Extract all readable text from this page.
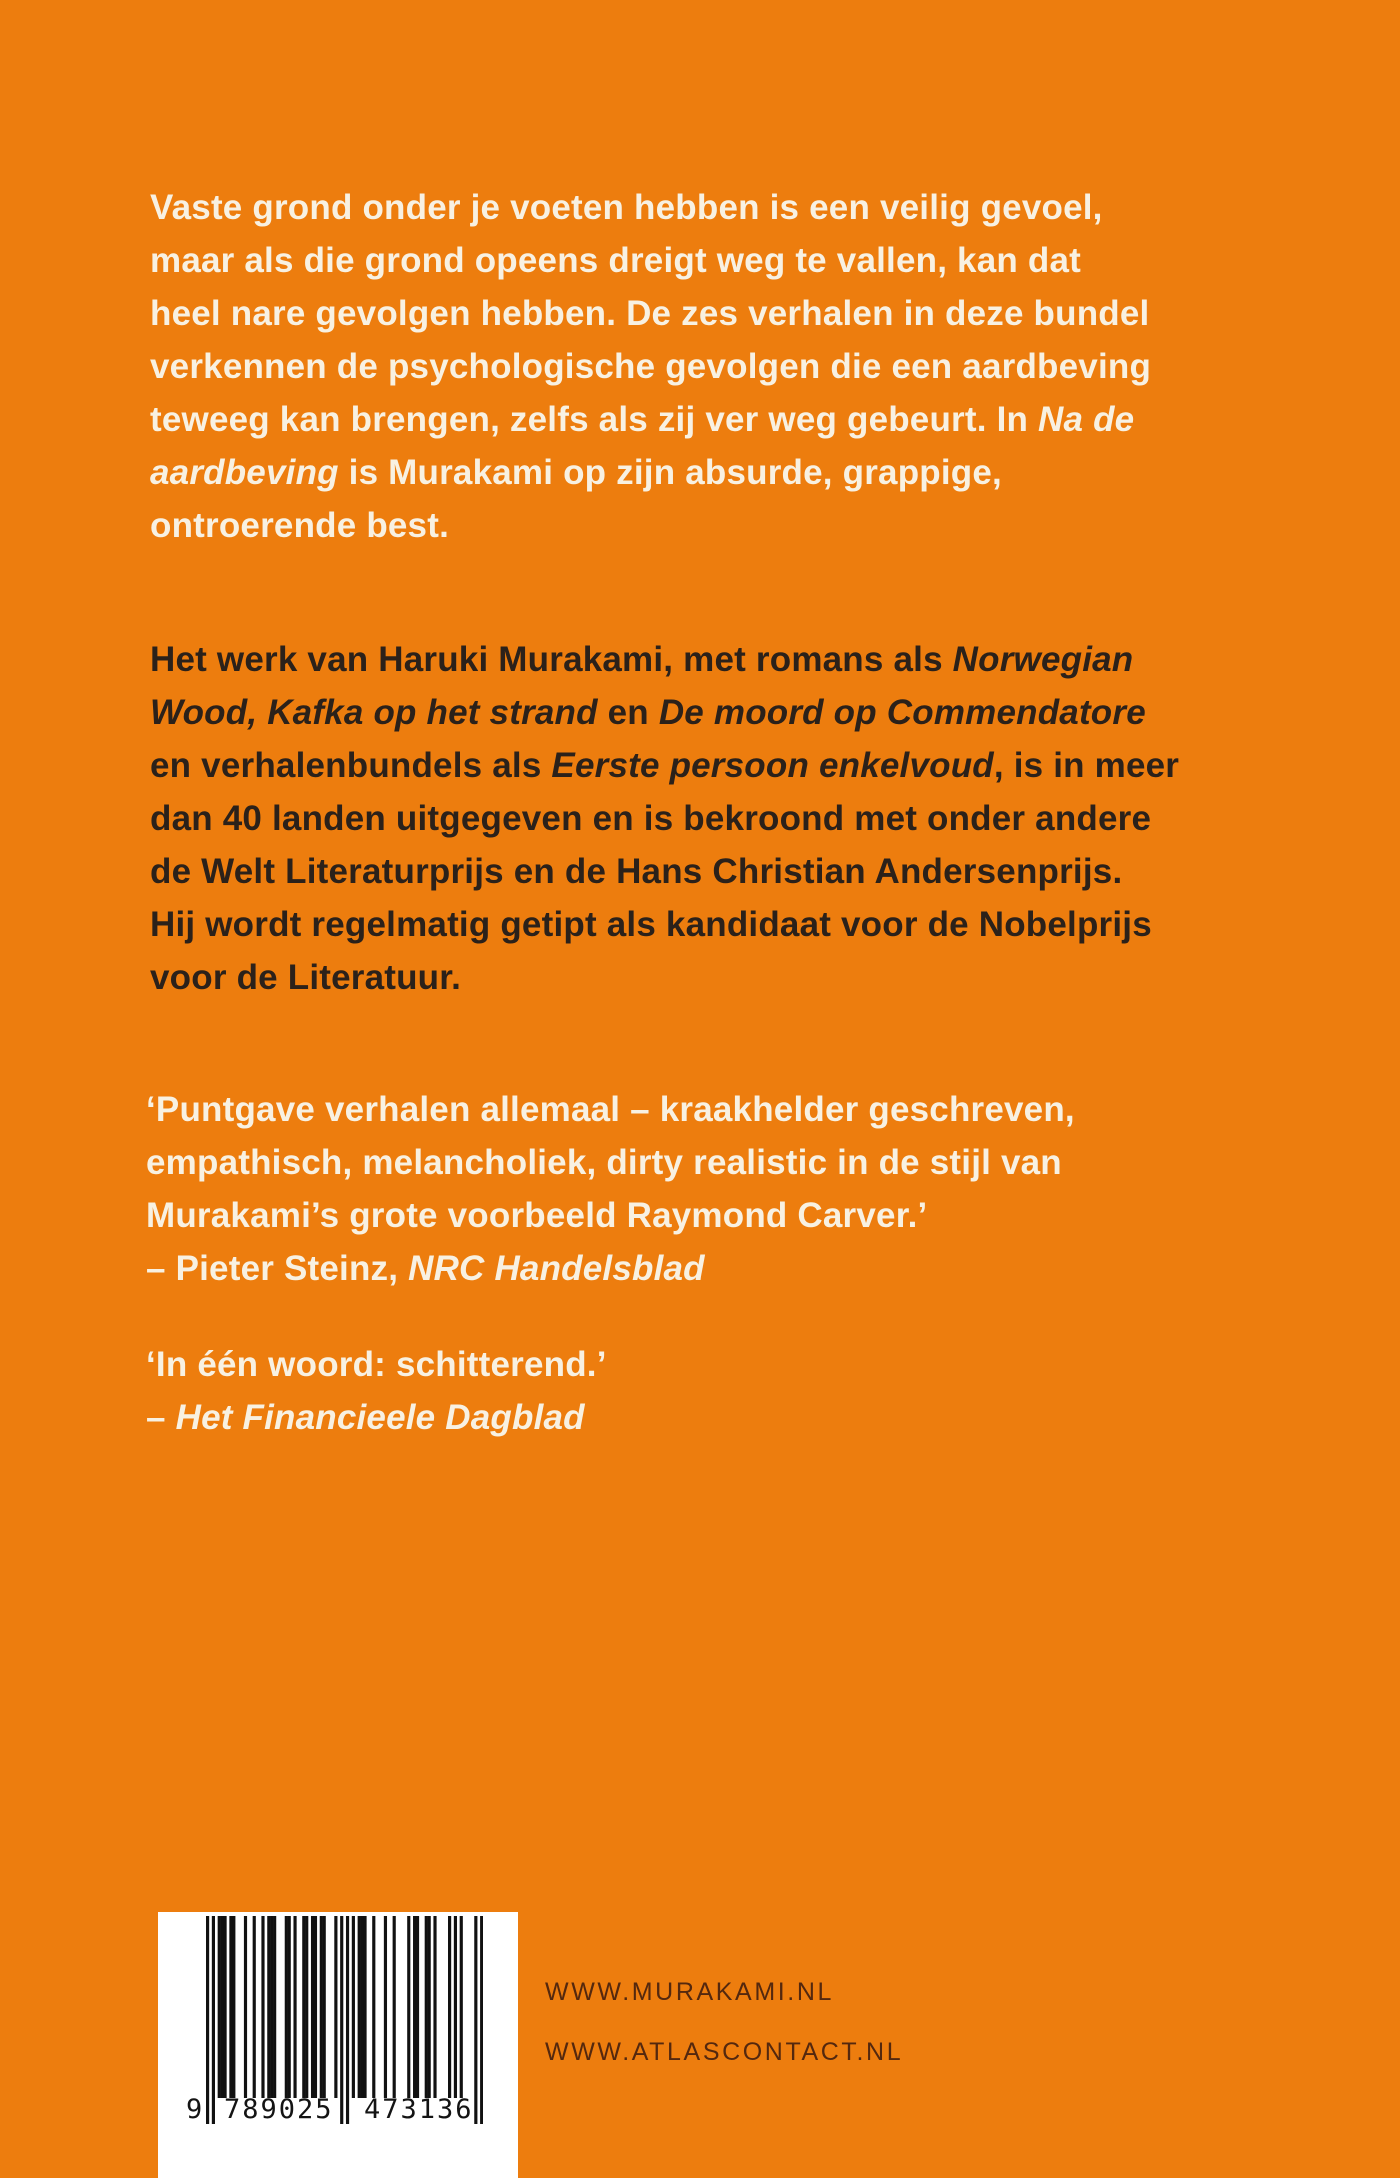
Vaste grond onder je voeten hebben is een veilig gevoel,
maar als die grond opeens dreigt weg te vallen, kan dat
heel nare gevolgen hebben. De zes verhalen in deze bundel
verkennen de psychologische gevolgen die een aardbeving
teweeg kan brengen, zelfs als zij ver weg gebeurt. In Na de
aardbeving is Murakami op zijn absurde, grappige,
ontroerende best.
Het werk van Haruki Murakami, met romans als Norwegian
Wood, Kafka op het strand en De moord op Commendatore
en verhalenbundels als Eerste persoon enkelvoud, is in meer
dan 40 landen uitgegeven en is bekroond met onder andere
de Welt Literaturprijs en de Hans Christian Andersenprijs.
Hij wordt regelmatig getipt als kandidaat voor de Nobelprijs
voor de Literatuur.
‘Puntgave verhalen allemaal – kraakhelder geschreven,
empathisch, melancholiek, dirty realistic in de stijl van
Murakami’s grote voorbeeld Raymond Carver.’
– Pieter Steinz, NRC Handelsblad
‘In één woord: schitterend.’
– Het Financieele Dagblad
9 789025 473136
WWW.MURAKAMI.NL
WWW.ATLASCONTACT.NL
